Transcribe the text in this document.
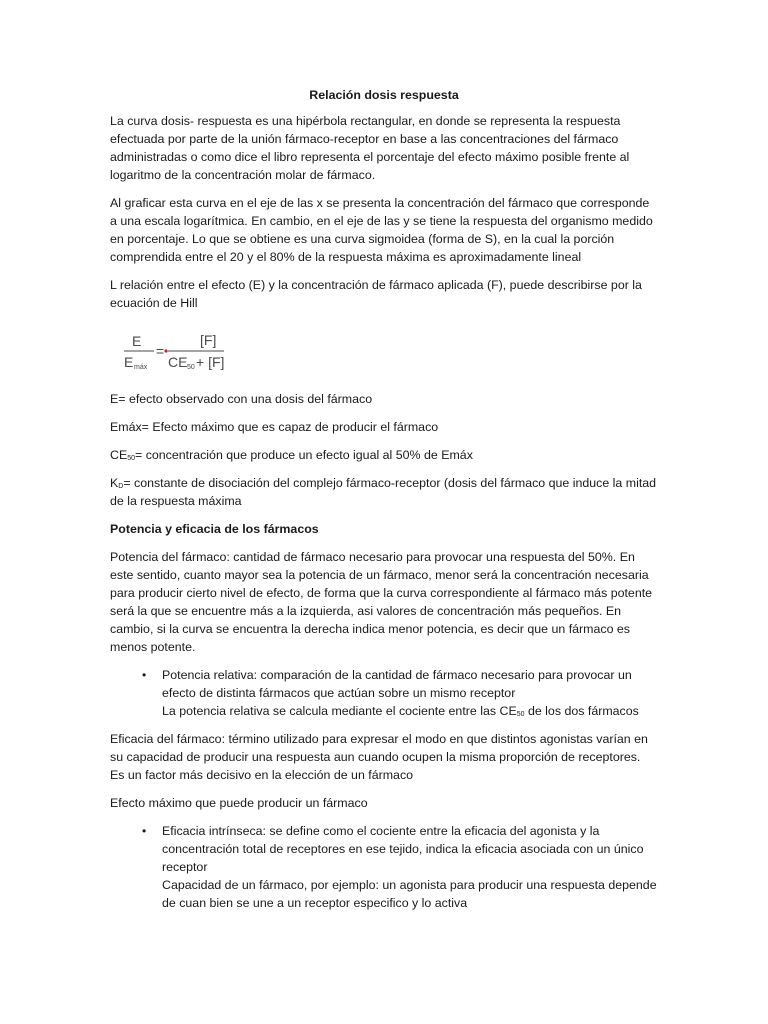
Relación dosis respuesta

La curva dosis- respuesta es una hipérbola rectangular, en donde se representa la respuesta efectuada por parte de la unión fármaco-receptor en base a las concentraciones del fármaco administradas o como dice el libro representa el porcentaje del efecto máximo posible frente al logaritmo de la concentración molar de fármaco.

Al graficar esta curva en el eje de las x se presenta la concentración del fármaco que corresponde a una escala logarítmica. En cambio, en el eje de las y se tiene la respuesta del organismo medido en porcentaje. Lo que se obtiene es una curva sigmoidea (forma de S), en la cual la porción comprendida entre el 20 y el 80% de la respuesta máxima es aproximadamente lineal

L relación entre el efecto (E) y la concentración de fármaco aplicada (F), puede describirse por la ecuación de Hill

E
E máx
=
[F]
CE 50 + [F]

E= efecto observado con una dosis del fármaco

Emáx= Efecto máximo que es capaz de producir el fármaco

$CE_{50}=$ concentración que produce un efecto igual al 50% de Emáx

$K_D=$ constante de disociación del complejo fármaco-receptor (dosis del fármaco que induce la mitad de la respuesta máxima

Potencia y eficacia de los fármacos

Potencia del fármaco: cantidad de fármaco necesario para provocar una respuesta del 50%. En este sentido, cuanto mayor sea la potencia de un fármaco, menor será la concentración necesaria para producir cierto nivel de efecto, de forma que la curva correspondiente al fármaco más potente será la que se encuentre más a la izquierda, asi valores de concentración más pequeños. En cambio, si la curva se encuentra la derecha indica menor potencia, es decir que un fármaco es menos potente.

• Potencia relativa: comparación de la cantidad de fármaco necesario para provocar un efecto de distinta fármacos que actúan sobre un mismo receptor
La potencia relativa se calcula mediante el cociente entre las $CE_{50}$ de los dos fármacos

Eficacia del fármaco: término utilizado para expresar el modo en que distintos agonistas varían en su capacidad de producir una respuesta aun cuando ocupen la misma proporción de receptores. Es un factor más decisivo en la elección de un fármaco

Efecto máximo que puede producir un fármaco

• Eficacia intrínseca: se define como el cociente entre la eficacia del agonista y la concentración total de receptores en ese tejido, indica la eficacia asociada con un único receptor
Capacidad de un fármaco, por ejemplo: un agonista para producir una respuesta depende de cuan bien se une a un receptor especifico y lo activa
